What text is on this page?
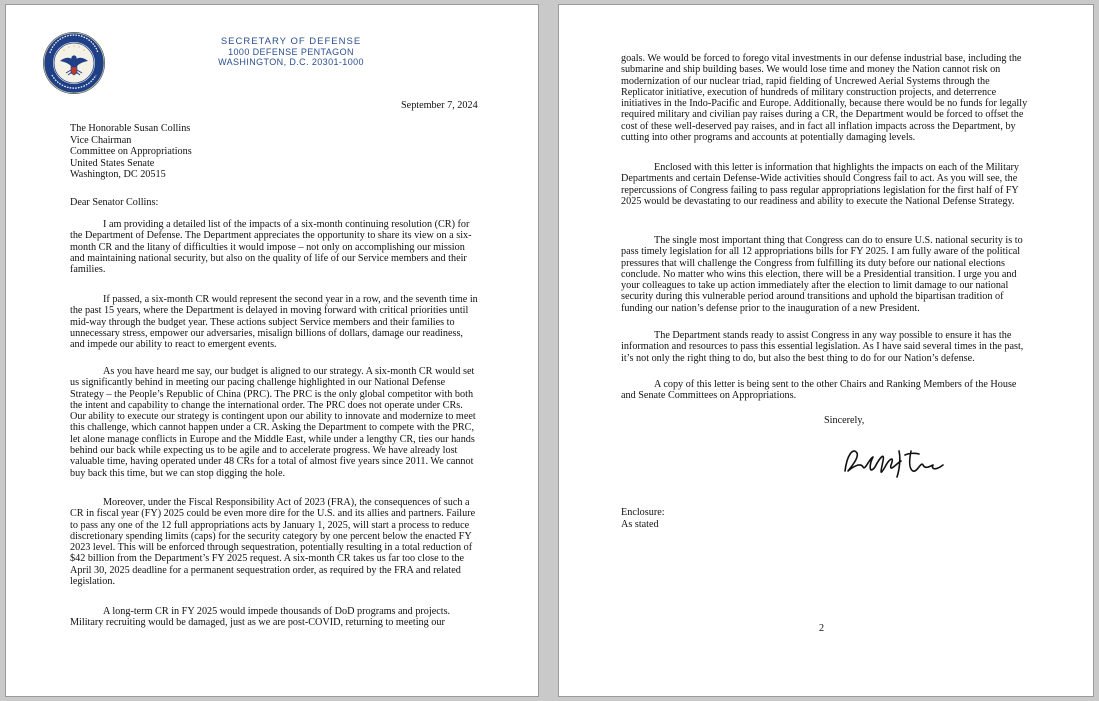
SECRETARY OF DEFENSE
1000 DEFENSE PENTAGON
WASHINGTON, D.C. 20301-1000
September 7, 2024
The Honorable Susan Collins
Vice Chairman
Committee on Appropriations
United States Senate
Washington, DC 20515
Dear Senator Collins:

I am providing a detailed list of the impacts of a six-month continuing resolution (CR) for the Department of Defense. The Department appreciates the opportunity to share its view on a six-month CR and the litany of difficulties it would impose – not only on accomplishing our mission and maintaining national security, but also on the quality of life of our Service members and their families.

If passed, a six-month CR would represent the second year in a row, and the seventh time in the past 15 years, where the Department is delayed in moving forward with critical priorities until mid-way through the budget year. These actions subject Service members and their families to unnecessary stress, empower our adversaries, misalign billions of dollars, damage our readiness, and impede our ability to react to emergent events.

As you have heard me say, our budget is aligned to our strategy. A six-month CR would set us significantly behind in meeting our pacing challenge highlighted in our National Defense Strategy – the People’s Republic of China (PRC). The PRC is the only global competitor with both the intent and capability to change the international order. The PRC does not operate under CRs. Our ability to execute our strategy is contingent upon our ability to innovate and modernize to meet this challenge, which cannot happen under a CR. Asking the Department to compete with the PRC, let alone manage conflicts in Europe and the Middle East, while under a lengthy CR, ties our hands behind our back while expecting us to be agile and to accelerate progress. We have already lost valuable time, having operated under 48 CRs for a total of almost five years since 2011. We cannot buy back this time, but we can stop digging the hole.

Moreover, under the Fiscal Responsibility Act of 2023 (FRA), the consequences of such a CR in fiscal year (FY) 2025 could be even more dire for the U.S. and its allies and partners. Failure to pass any one of the 12 full appropriations acts by January 1, 2025, will start a process to reduce discretionary spending limits (caps) for the security category by one percent below the enacted FY 2023 level. This will be enforced through sequestration, potentially resulting in a total reduction of $42 billion from the Department’s FY 2025 request. A six-month CR takes us far too close to the April 30, 2025 deadline for a permanent sequestration order, as required by the FRA and related legislation.

A long-term CR in FY 2025 would impede thousands of DoD programs and projects. Military recruiting would be damaged, just as we are post-COVID, returning to meeting our

goals. We would be forced to forego vital investments in our defense industrial base, including the submarine and ship building bases. We would lose time and money the Nation cannot risk on modernization of our nuclear triad, rapid fielding of Uncrewed Aerial Systems through the Replicator initiative, execution of hundreds of military construction projects, and deterrence initiatives in the Indo-Pacific and Europe. Additionally, because there would be no funds for legally required military and civilian pay raises during a CR, the Department would be forced to offset the cost of these well-deserved pay raises, and in fact all inflation impacts across the Department, by cutting into other programs and accounts at potentially damaging levels.

Enclosed with this letter is information that highlights the impacts on each of the Military Departments and certain Defense-Wide activities should Congress fail to act. As you will see, the repercussions of Congress failing to pass regular appropriations legislation for the first half of FY 2025 would be devastating to our readiness and ability to execute the National Defense Strategy.

The single most important thing that Congress can do to ensure U.S. national security is to pass timely legislation for all 12 appropriations bills for FY 2025. I am fully aware of the political pressures that will challenge the Congress from fulfilling its duty before our national elections conclude. No matter who wins this election, there will be a Presidential transition. I urge you and your colleagues to take up action immediately after the election to limit damage to our national security during this vulnerable period around transitions and uphold the bipartisan tradition of funding our nation’s defense prior to the inauguration of a new President.

The Department stands ready to assist Congress in any way possible to ensure it has the information and resources to pass this essential legislation. As I have said several times in the past, it’s not only the right thing to do, but also the best thing to do for our Nation’s defense.

A copy of this letter is being sent to the other Chairs and Ranking Members of the House and Senate Committees on Appropriations.

Sincerely,
Enclosure:
As stated
2
